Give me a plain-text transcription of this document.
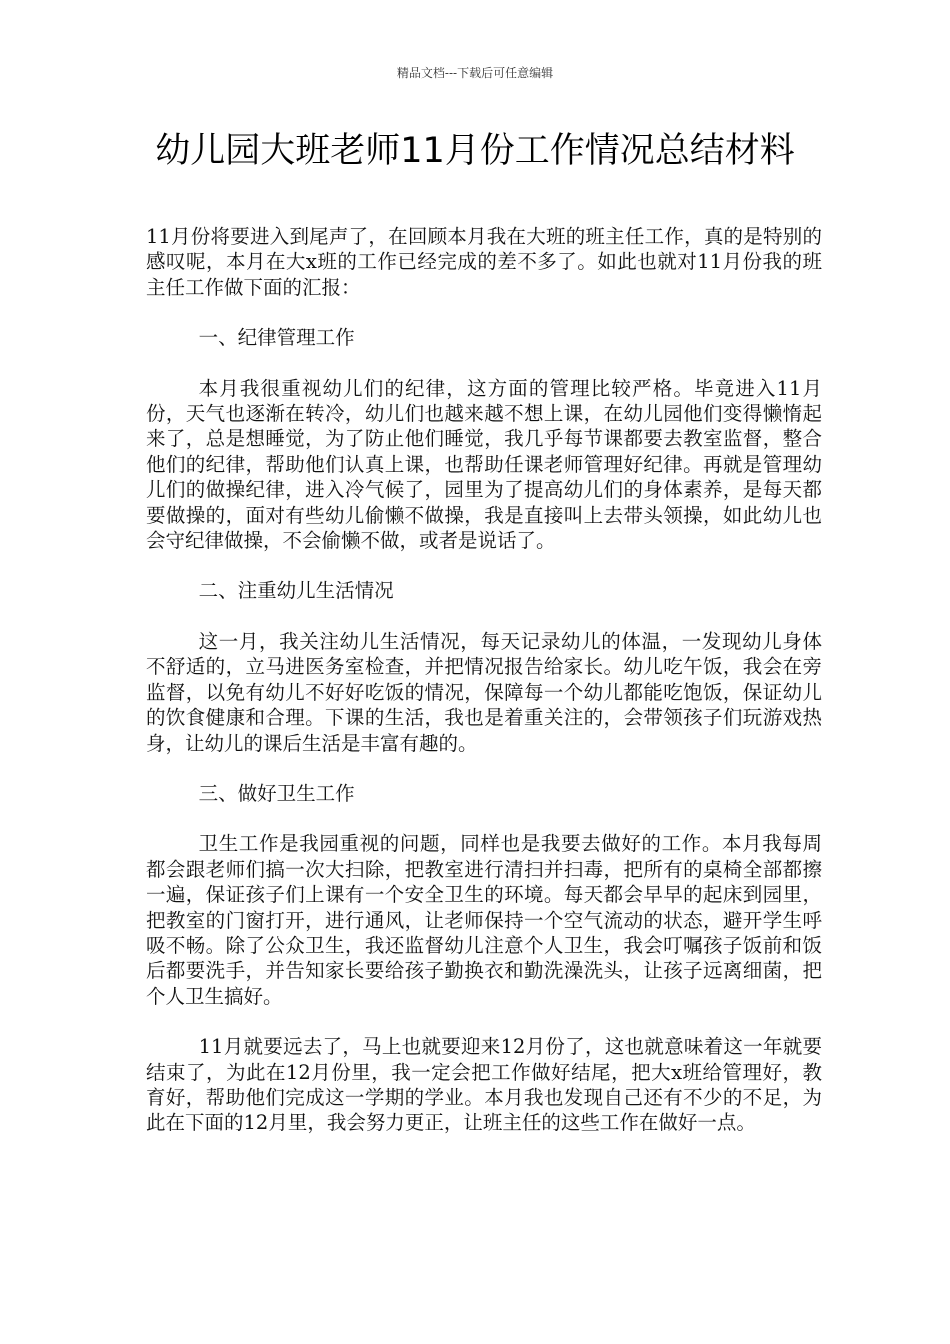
精品文档---下载后可任意编辑
幼儿园大班老师11月份工作情况总结材料

11月份将要进入到尾声了，在回顾本月我在大班的班主任工作，真的是特别的感叹呢，本月在大x班的工作已经完成的差不多了。如此也就对11月份我的班主任工作做下面的汇报：

一、纪律管理工作

本月我很重视幼儿们的纪律，这方面的管理比较严格。毕竟进入11月份，天气也逐渐在转冷，幼儿们也越来越不想上课，在幼儿园他们变得懒惰起来了，总是想睡觉，为了防止他们睡觉，我几乎每节课都要去教室监督，整合他们的纪律，帮助他们认真上课，也帮助任课老师管理好纪律。再就是管理幼儿们的做操纪律，进入冷气候了，园里为了提高幼儿们的身体素养，是每天都要做操的，面对有些幼儿偷懒不做操，我是直接叫上去带头领操，如此幼儿也会守纪律做操，不会偷懒不做，或者是说话了。

二、注重幼儿生活情况

这一月，我关注幼儿生活情况，每天记录幼儿的体温，一发现幼儿身体不舒适的，立马进医务室检查，并把情况报告给家长。幼儿吃午饭，我会在旁监督，以免有幼儿不好好吃饭的情况，保障每一个幼儿都能吃饱饭，保证幼儿的饮食健康和合理。下课的生活，我也是着重关注的，会带领孩子们玩游戏热身，让幼儿的课后生活是丰富有趣的。

三、做好卫生工作

卫生工作是我园重视的问题，同样也是我要去做好的工作。本月我每周都会跟老师们搞一次大扫除，把教室进行清扫并扫毒，把所有的桌椅全部都擦一遍，保证孩子们上课有一个安全卫生的环境。每天都会早早的起床到园里，把教室的门窗打开，进行通风，让老师保持一个空气流动的状态，避开学生呼吸不畅。除了公众卫生，我还监督幼儿注意个人卫生，我会叮嘱孩子饭前和饭后都要洗手，并告知家长要给孩子勤换衣和勤洗澡洗头，让孩子远离细菌，把个人卫生搞好。

11月就要远去了，马上也就要迎来12月份了，这也就意味着这一年就要结束了，为此在12月份里，我一定会把工作做好结尾，把大x班给管理好，教育好，帮助他们完成这一学期的学业。本月我也发现自己还有不少的不足，为此在下面的12月里，我会努力更正，让班主任的这些工作在做好一点。
